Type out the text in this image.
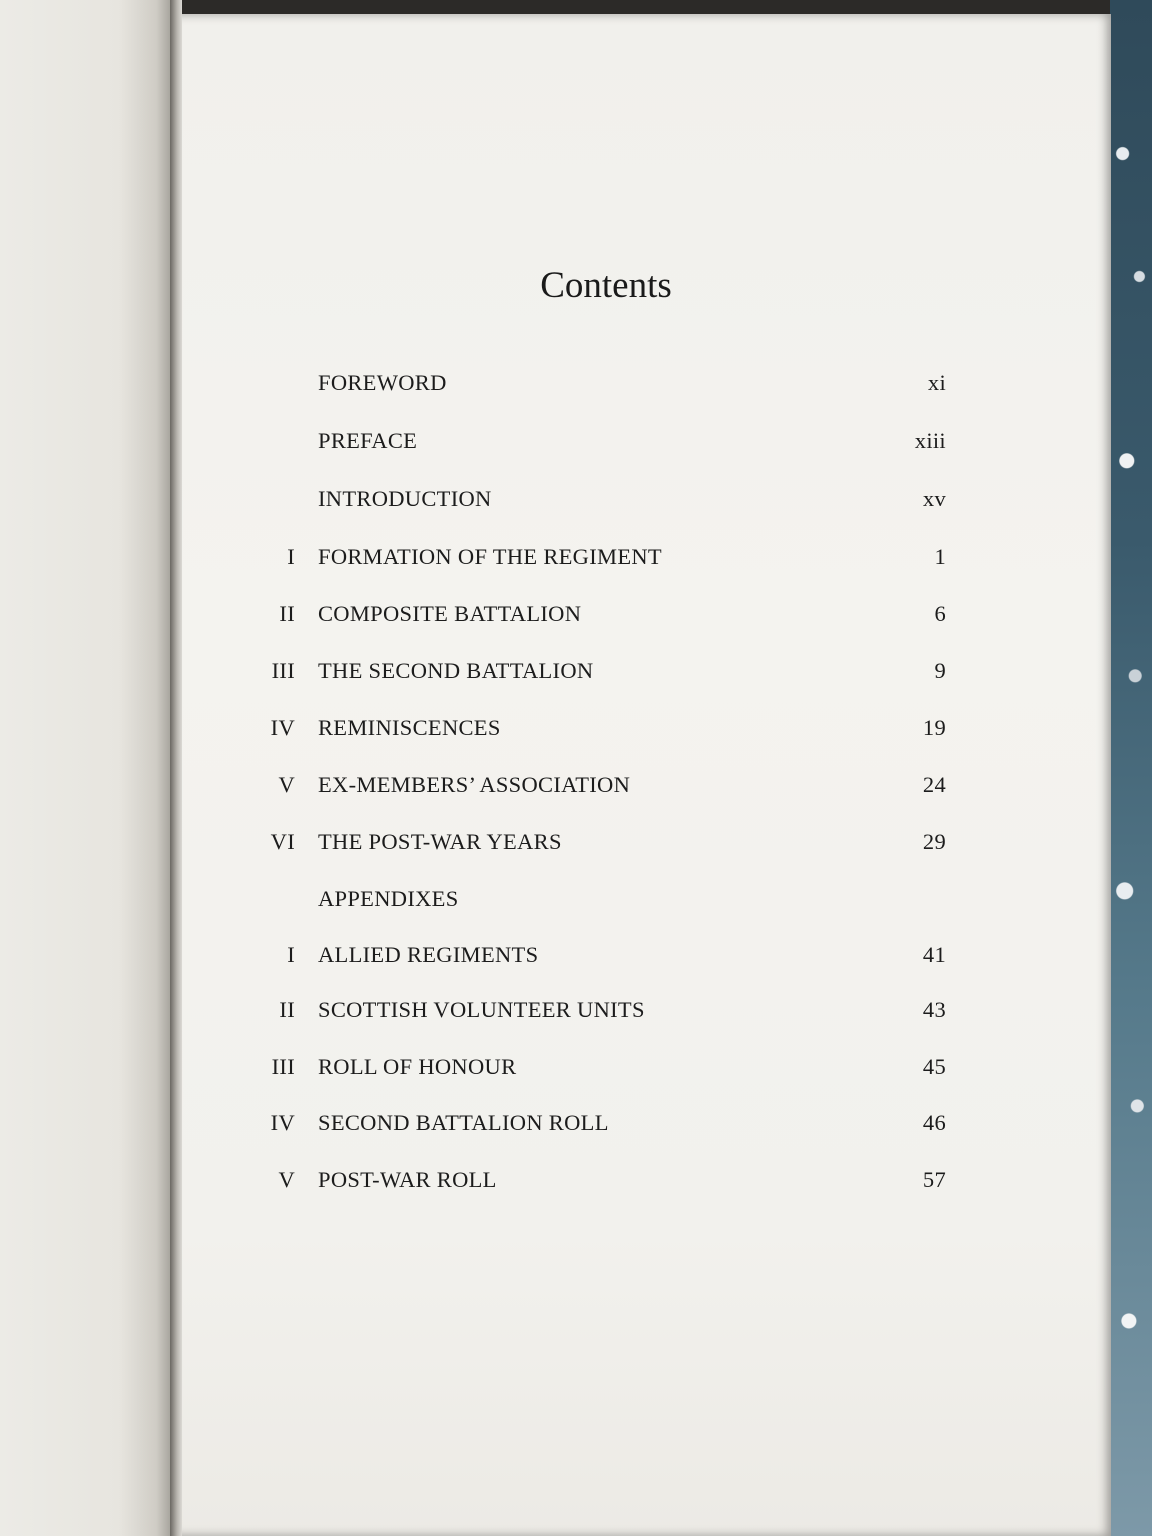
Contents
FOREWORD	xi
PREFACE	xiii
INTRODUCTION	xv
I FORMATION OF THE REGIMENT	1
II COMPOSITE BATTALION	6
III THE SECOND BATTALION	9
IV REMINISCENCES	19
V EX-MEMBERS’ ASSOCIATION	24
VI THE POST-WAR YEARS	29
APPENDIXES
I ALLIED REGIMENTS	41
II SCOTTISH VOLUNTEER UNITS	43
III ROLL OF HONOUR	45
IV SECOND BATTALION ROLL	46
V POST-WAR ROLL	57
